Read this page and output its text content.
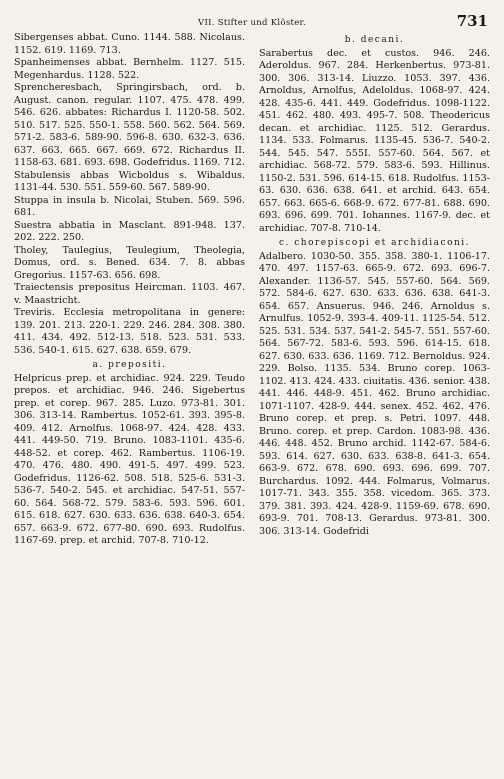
VII. Stifter und Klöster.	731

Sibergenses abbat. Cuno. 1144. 588. Nicolaus. 1152. 619. 1169. 713.

Spanheimenses abbat. Bernhelm. 1127. 515. Megenhardus. 1128. 522.

Sprencheresbach, Springirsbach, ord. b. August. canon. regular. 1107. 475. 478. 499. 546. 626. abbates: Richardus I. 1120-58. 502. 510. 517. 525. 550-1. 558. 560. 562. 564. 569. 571-2. 583-6. 589-90. 596-8. 630. 632-3. 636. 637. 663. 665. 667. 669. 672. Richardus II. 1158-63. 681. 693. 698. Godefridus. 1169. 712.

Stabulensis abbas Wicboldus s. Wibaldus. 1131-44. 530. 551. 559-60. 567. 589-90.

Stuppa in insula b. Nicolai, Stuben. 569. 596. 681.

Suestra abbatia in Masclant. 891-948. 137. 202. 222. 250.

Tholey, Taulegius, Teulegium, Theolegia, Domus, ord. s. Bened. 634. 7. 8. abbas Gregorius. 1157-63. 656. 698.

Traiectensis prepositus Heircman. 1103. 467. v. Maastricht.

Treviris. Ecclesia metropolitana in genere: 139. 201. 213. 220-1. 229. 246. 284. 308. 380. 411. 434. 492. 512-13. 518. 523. 531. 533. 536. 540-1. 615. 627. 638. 659. 679.

a. prepositi.

Helpricus prep. et archidiac. 924. 229. Teudo prepos. et archidiac. 946. 246. Sigebertus prep. et corep. 967. 285. Luzo. 973-81. 301. 306. 313-14. Rambertus. 1052-61. 393. 395-8. 409. 412. Arnolfus. 1068-97. 424. 428. 433. 441. 449-50. 719. Bruno. 1083-1101. 435-6. 448-52. et corep. 462. Rambertus. 1106-19. 470. 476. 480. 490. 491-5. 497. 499. 523. Godefridus. 1126-62. 508. 518. 525-6. 531-3. 536-7. 540-2. 545. et archidiac. 547-51. 557-60. 564. 568-72. 579. 583-6. 593. 596. 601. 615. 618. 627. 630. 633. 636. 638. 640-3. 654. 657. 663-9. 672. 677-80. 690. 693. Rudolfus. 1167-69. prep. et archid. 707-8. 710-12.

b. decani.

Sarabertus dec. et custos. 946. 246. Aderoldus. 967. 284. Herkenbertus. 973-81. 300. 306. 313-14. Liuzzo. 1053. 397. 436. Arnoldus, Arnolfus, Adeloldus. 1068-97. 424. 428. 435-6. 441. 449. Godefridus. 1098-1122. 451. 462. 480. 493. 495-7. 508. Theodericus decan. et archidiac. 1125. 512. Gerardus. 1134. 533. Folmarus. 1135-45. 536-7. 540-2. 544. 545. 547. 555I. 557-60. 564. 567. et archidiac. 568-72. 579. 583-6. 593. Hillinus. 1150-2. 531. 596. 614-15. 618. Rudolfus. 1153-63. 630. 636. 638. 641. et archid. 643. 654. 657. 663. 665-6. 668-9. 672. 677-81. 688. 690. 693. 696. 699. 701. Iohannes. 1167-9. dec. et archidiac. 707-8. 710-14.

c. chorepiscopi et archidiaconi.

Adalbero. 1030-50. 355. 358. 380-1. 1106-17. 470. 497. 1157-63. 665-9. 672. 693. 696-7. Alexander. 1136-57. 545. 557-60. 564. 569. 572. 584-6. 627. 630. 633. 636. 638. 641-3. 654. 657. Ansuerus. 946. 246. Arnoldus s. Arnulfus. 1052-9. 393-4. 409-11. 1125-54. 512. 525. 531. 534. 537. 541-2. 545-7. 551. 557-60. 564. 567-72. 583-6. 593. 596. 614-15. 618. 627. 630. 633. 636. 1169. 712. Bernoldus. 924. 229. Bolso. 1135. 534. Bruno corep. 1063-1102. 413. 424. 433. ciuitatis. 436. senior. 438. 441. 446. 448-9. 451. 462. Bruno archidiac. 1071-1107. 428-9. 444. senex. 452. 462. 476. Bruno corep. et prep. s. Petri. 1097. 448. Bruno. corep. et prep. Cardon. 1083-98. 436. 446. 448. 452. Bruno archid. 1142-67. 584-6. 593. 614. 627. 630. 633. 638-8. 641-3. 654. 663-9. 672. 678. 690. 693. 696. 699. 707. Burchardus. 1092. 444. Folmarus, Volmarus. 1017-71. 343. 355. 358. vicedom. 365. 373. 379. 381. 393. 424. 428-9. 1159-69. 678. 690. 693-9. 701. 708-13. Gerardus. 973-81. 300. 306. 313-14. Godefridi
